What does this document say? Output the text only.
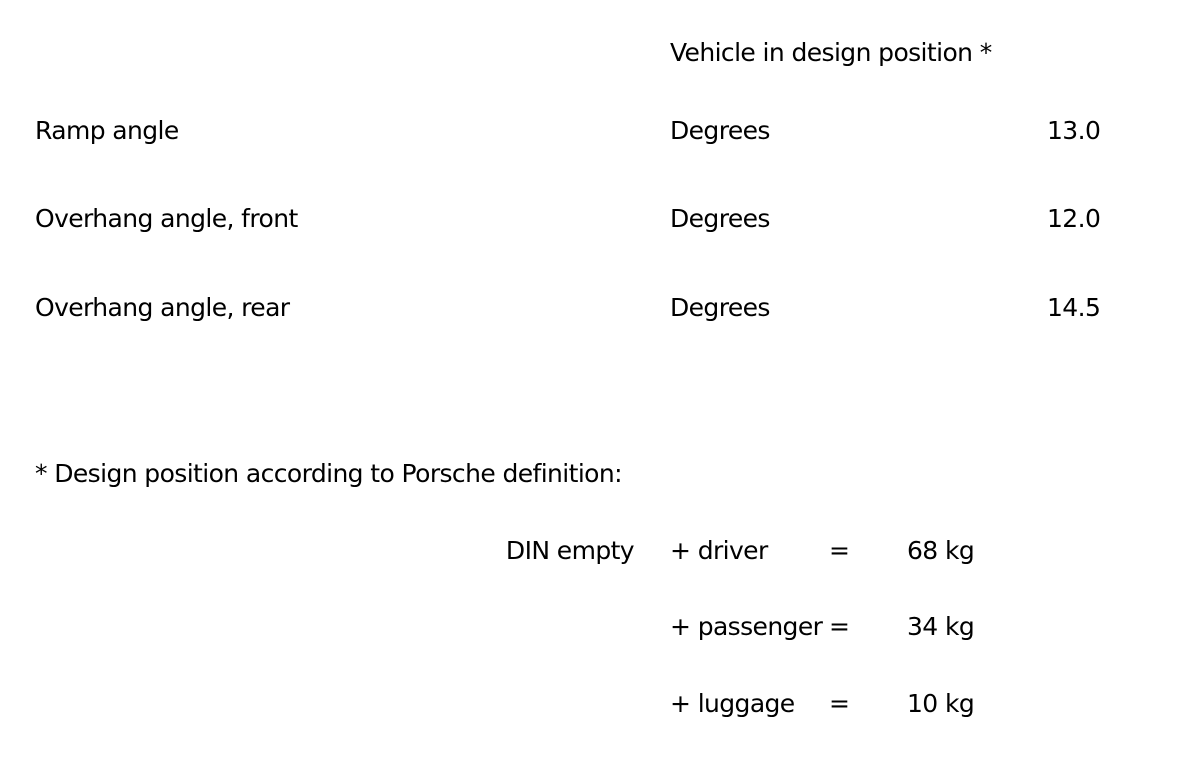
Vehicle in design position *
Ramp angle	Degrees	13.0
Overhang angle, front	Degrees	12.0
Overhang angle, rear	Degrees	14.5
* Design position according to Porsche definition:
DIN empty + driver = 68 kg
+ passenger = 34 kg
+ luggage = 10 kg
